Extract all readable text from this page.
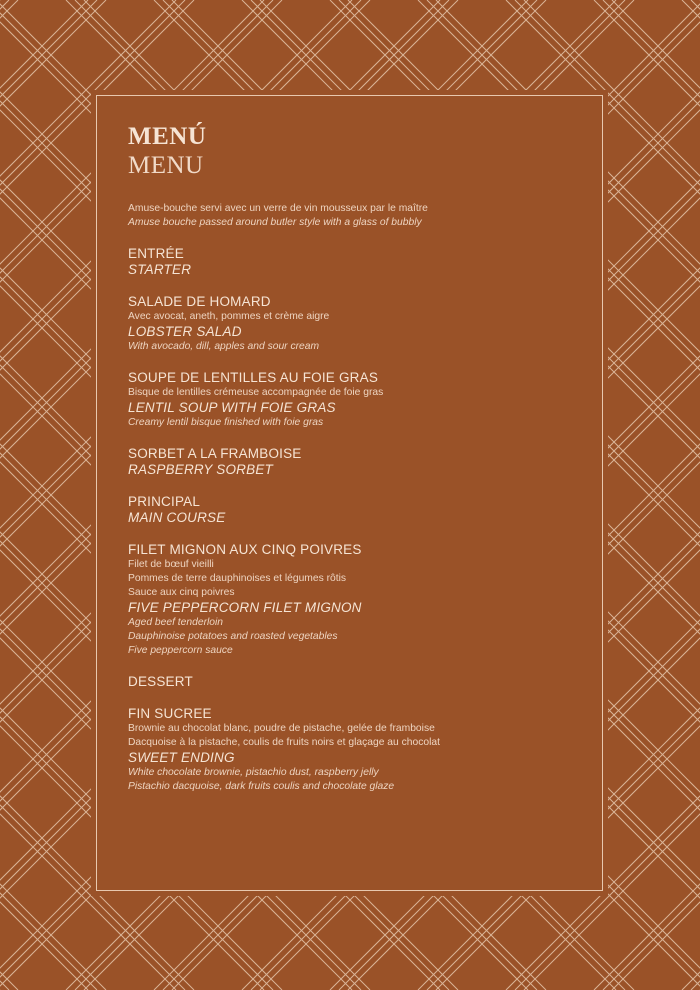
MENÚ
MENU
Amuse-bouche servi avec un verre de vin mousseux par le maître
Amuse bouche passed around butler style with a glass of bubbly
ENTRÉE
STARTER
SALADE DE HOMARD
Avec avocat, aneth, pommes et crème aigre
LOBSTER SALAD
With avocado, dill, apples and sour cream
SOUPE DE LENTILLES AU FOIE GRAS
Bisque de lentilles crémeuse accompagnée de foie gras
LENTIL SOUP WITH FOIE GRAS
Creamy lentil bisque finished with foie gras
SORBET A LA FRAMBOISE
RASPBERRY SORBET
PRINCIPAL
MAIN COURSE
FILET MIGNON AUX CINQ POIVRES
Filet de bœuf vieilli
Pommes de terre dauphinoises et légumes rôtis
Sauce aux cinq poivres
FIVE PEPPERCORN FILET MIGNON
Aged beef tenderloin
Dauphinoise potatoes and roasted vegetables
Five peppercorn sauce
DESSERT
FIN SUCREE
Brownie au chocolat blanc, poudre de pistache, gelée de framboise
Dacquoise à la pistache, coulis de fruits noirs et glaçage au chocolat
SWEET ENDING
White chocolate brownie, pistachio dust, raspberry jelly
Pistachio dacquoise, dark fruits coulis and chocolate glaze
